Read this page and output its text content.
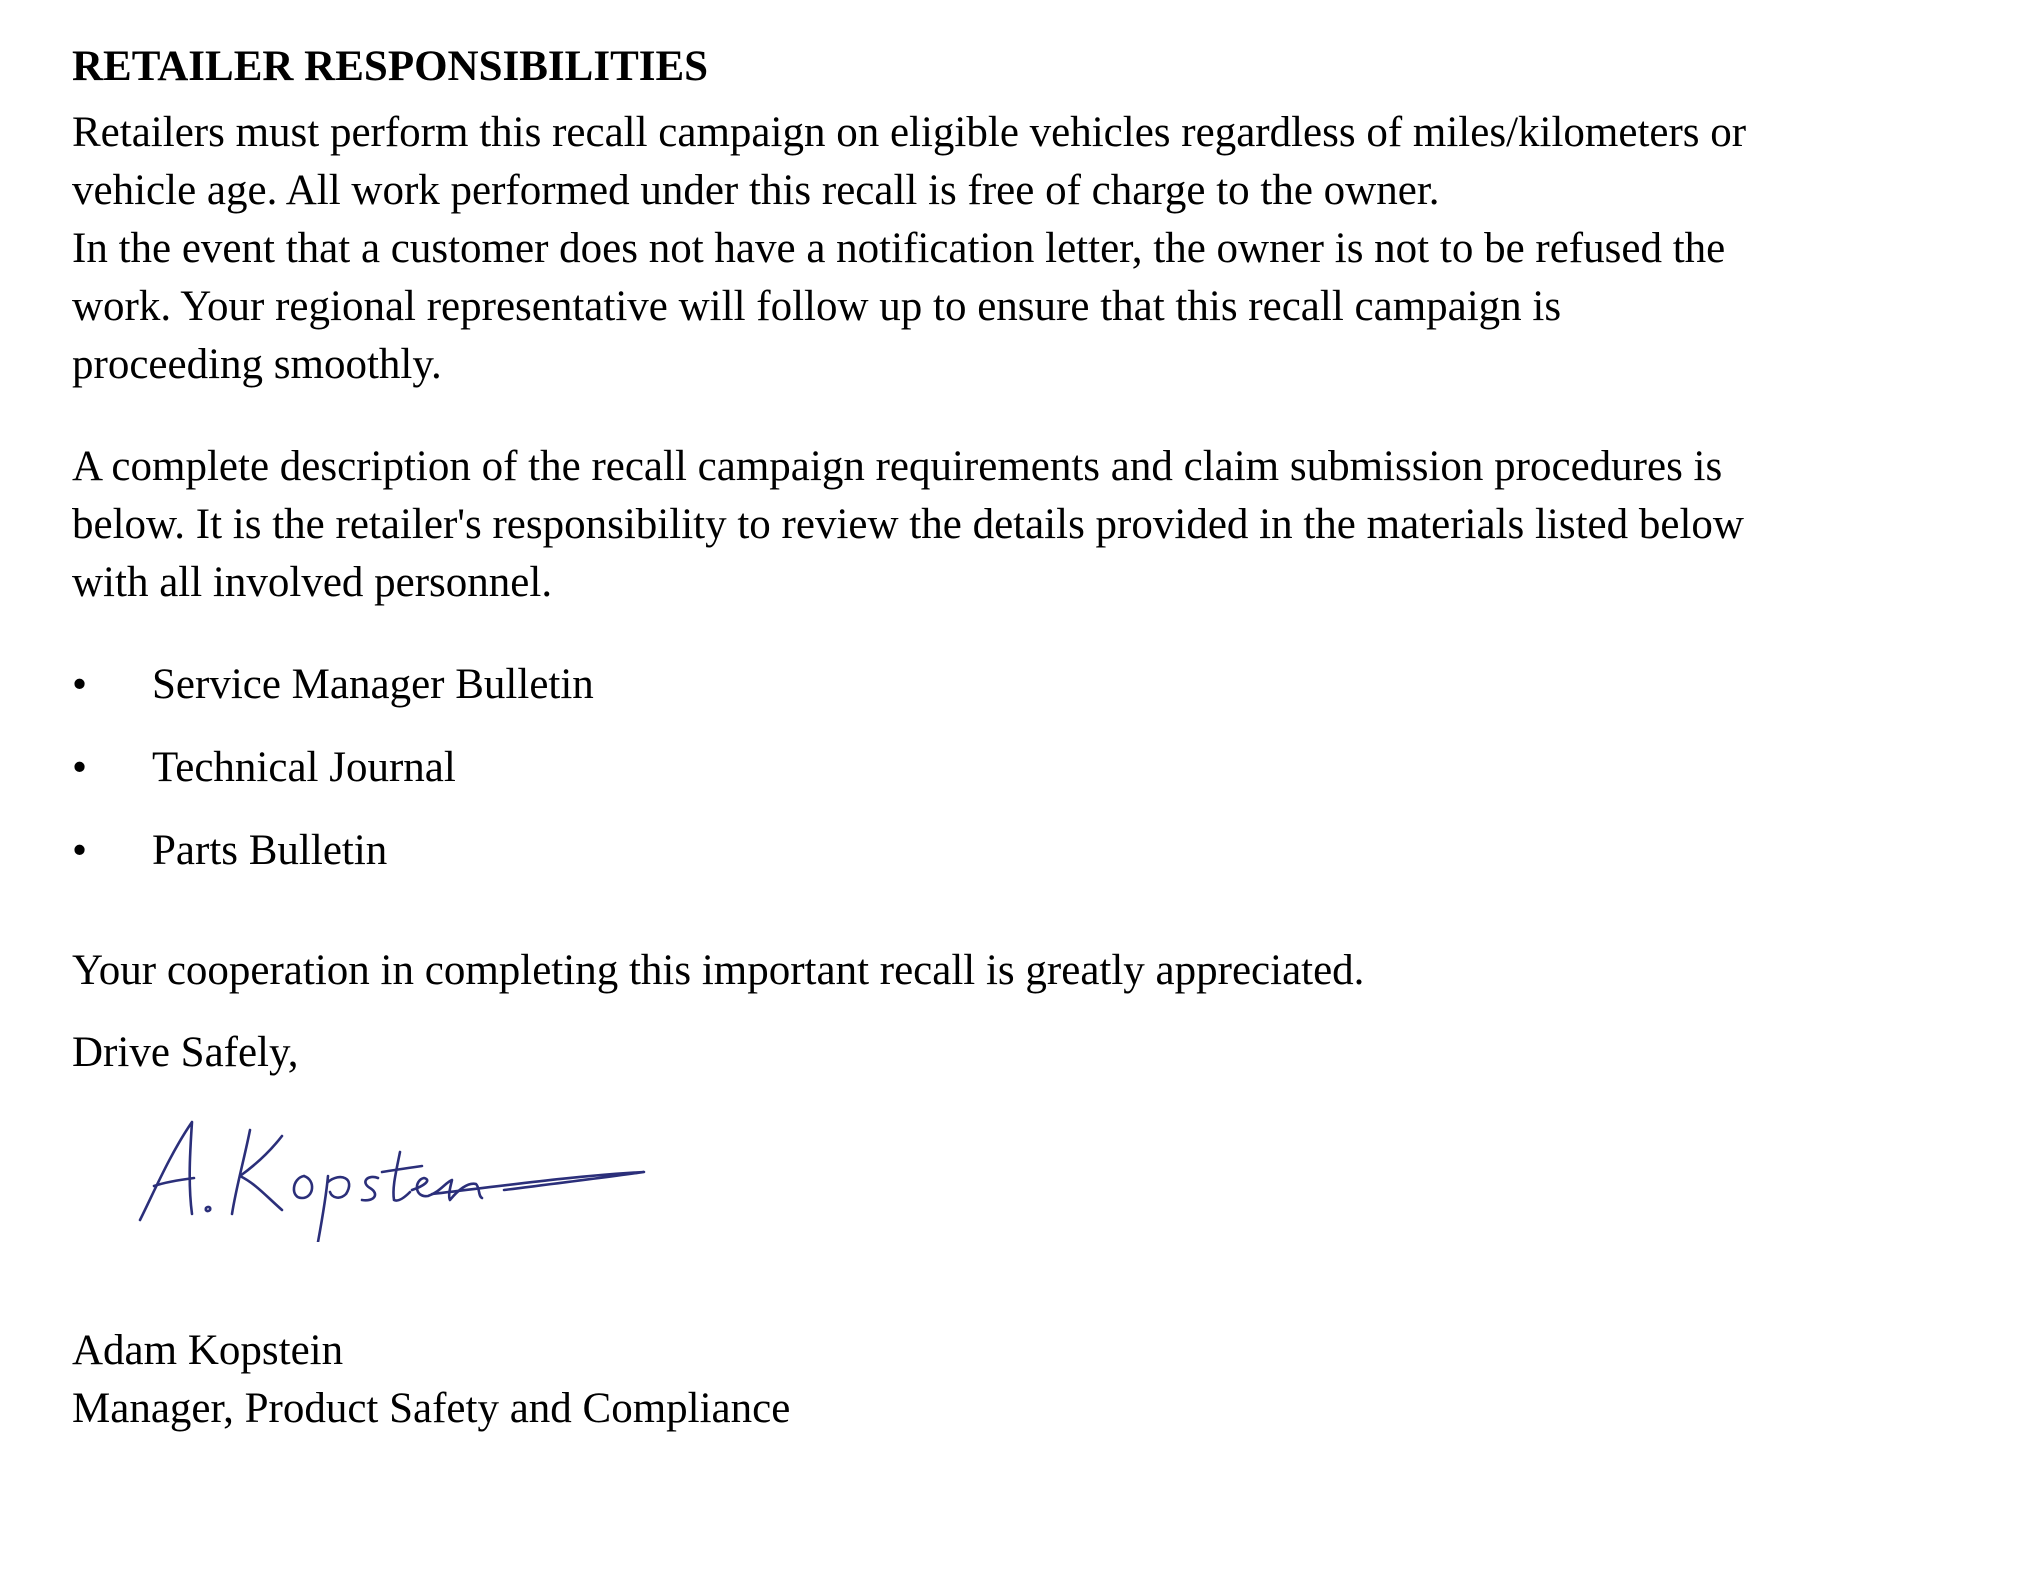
RETAILER RESPONSIBILITIES

Retailers must perform this recall campaign on eligible vehicles regardless of miles/kilometers or
vehicle age. All work performed under this recall is free of charge to the owner.
In the event that a customer does not have a notification letter, the owner is not to be refused the
work. Your regional representative will follow up to ensure that this recall campaign is
proceeding smoothly.

A complete description of the recall campaign requirements and claim submission procedures is
below. It is the retailer's responsibility to review the details provided in the materials listed below
with all involved personnel.

•	Service Manager Bulletin
•	Technical Journal
•	Parts Bulletin

Your cooperation in completing this important recall is greatly appreciated.

Drive Safely,

Adam Kopstein

Manager, Product Safety and Compliance
